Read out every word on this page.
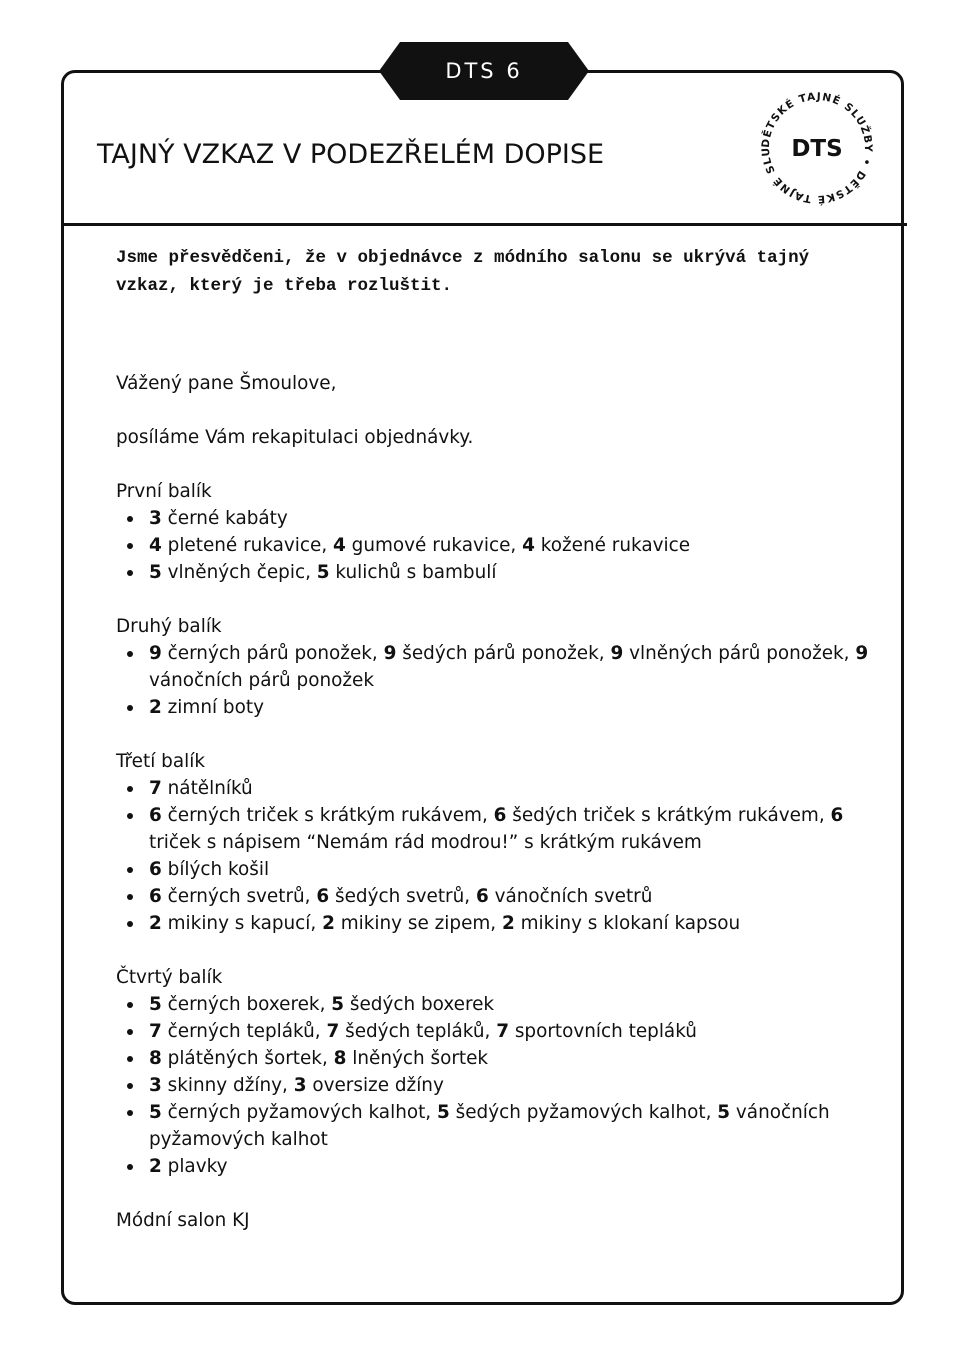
DTS 6
TAJNÝ VZKAZ V PODEZŘELÉM DOPISE	DĚTSKÉ TAJNÉ SLUŽBY • DĚTSKÉ TAJNÉ SLU DTS
Jsme přesvědčeni, že v objednávce z módního salonu se ukrývá tajný vzkaz, který je třeba rozluštit.

Vážený pane Šmoulove,

posíláme Vám rekapitulaci objednávky.

První balík

3 černé kabáty
4 pletené rukavice, 4 gumové rukavice, 4 kožené rukavice
5 vlněných čepic, 5 kulichů s bambulí

Druhý balík

9 černých párů ponožek, 9 šedých párů ponožek, 9 vlněných párů ponožek, 9 vánočních párů ponožek
2 zimní boty

Třetí balík

7 nátělníků
6 černých triček s krátkým rukávem, 6 šedých triček s krátkým rukávem, 6 triček s nápisem “Nemám rád modrou!” s krátkým rukávem
6 bílých košil
6 černých svetrů, 6 šedých svetrů, 6 vánočních svetrů
2 mikiny s kapucí, 2 mikiny se zipem, 2 mikiny s klokaní kapsou

Čtvrtý balík

5 černých boxerek, 5 šedých boxerek
7 černých tepláků, 7 šedých tepláků, 7 sportovních tepláků
8 plátěných šortek, 8 lněných šortek
3 skinny džíny, 3 oversize džíny
5 černých pyžamových kalhot, 5 šedých pyžamových kalhot, 5 vánočních pyžamových kalhot
2 plavky

Módní salon KJ
